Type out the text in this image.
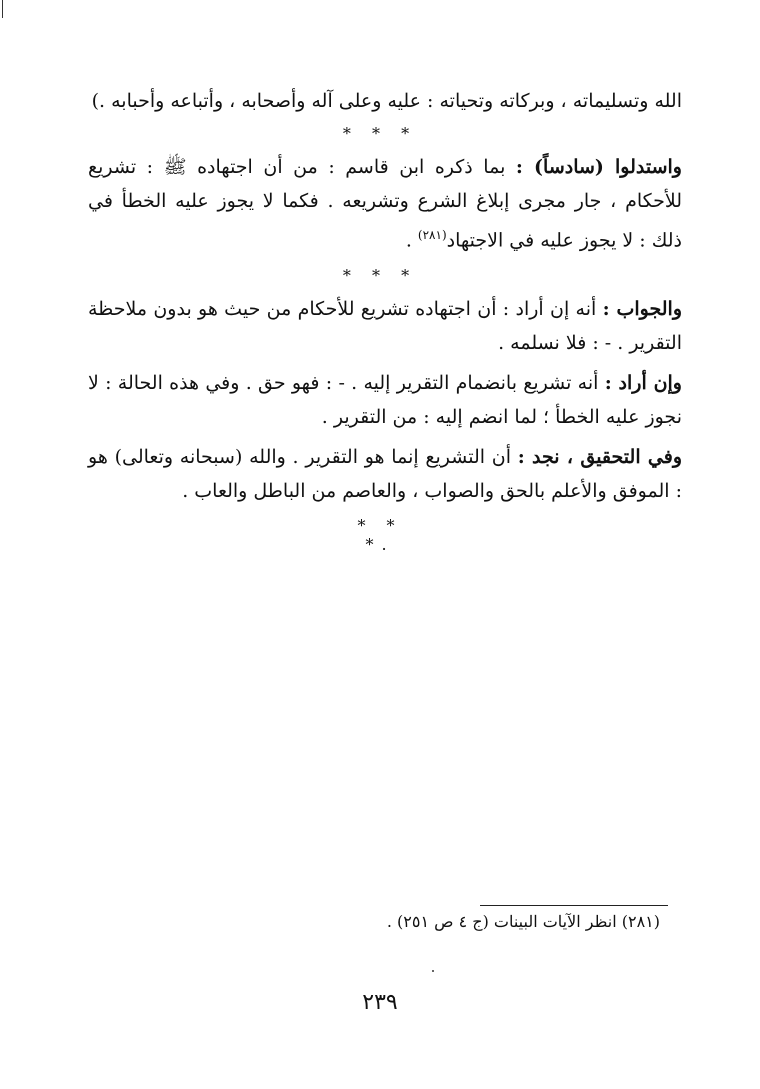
الله وتسليماته ، وبركاته وتحياته : عليه وعلى آله وأصحابه ، وأتباعه وأحبابه .)

* * *

واستدلوا (سادساً) : بما ذكره ابن قاسم : من أن اجتهاده ﷺ : تشريع للأحكام ، جار مجرى إبلاغ الشرع وتشريعه . فكما لا يجوز عليه الخطأ في ذلك : لا يجوز عليه في الاجتهاد$^{(٢٨١)}$ .

* * *

والجواب : أنه إن أراد : أن اجتهاده تشريع للأحكام من حيث هو بدون ملاحظة التقرير . - : فلا نسلمه .

وإن أراد : أنه تشريع بانضمام التقرير إليه . - : فهو حق . وفي هذه الحالة : لا نجوز عليه الخطأ ؛ لما انضم إليه : من التقرير .

وفي التحقيق ، نجد : أن التشريع إنما هو التقرير . والله (سبحانه وتعالى) هو : الموفق والأعلم بالحق والصواب ، والعاصم من الباطل والعاب .

* * *.
(٢٨١) انظر الآيات البينات (ج ٤ ص ٢٥١) .
٢٣٩
